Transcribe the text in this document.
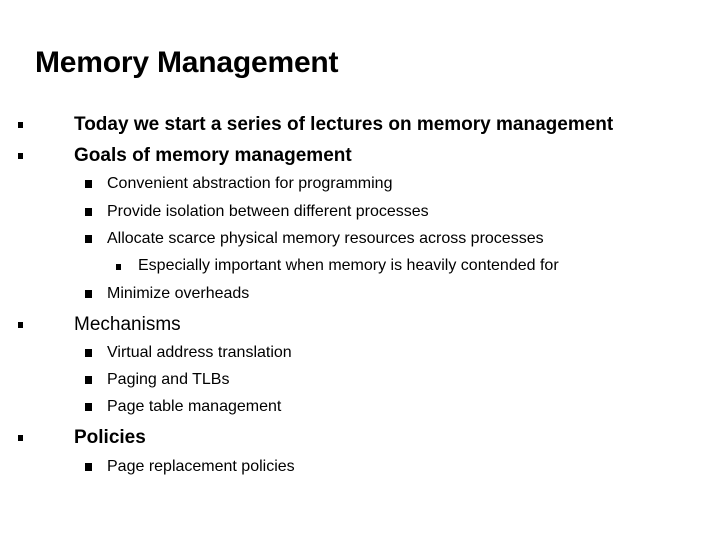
Memory Management
Today we start a series of lectures on memory management
Goals of memory management
Convenient abstraction for programming
Provide isolation between different processes
Allocate scarce physical memory resources across processes
Especially important when memory is heavily contended for
Minimize overheads
Mechanisms
Virtual address translation
Paging and TLBs
Page table management
Policies
Page replacement policies
